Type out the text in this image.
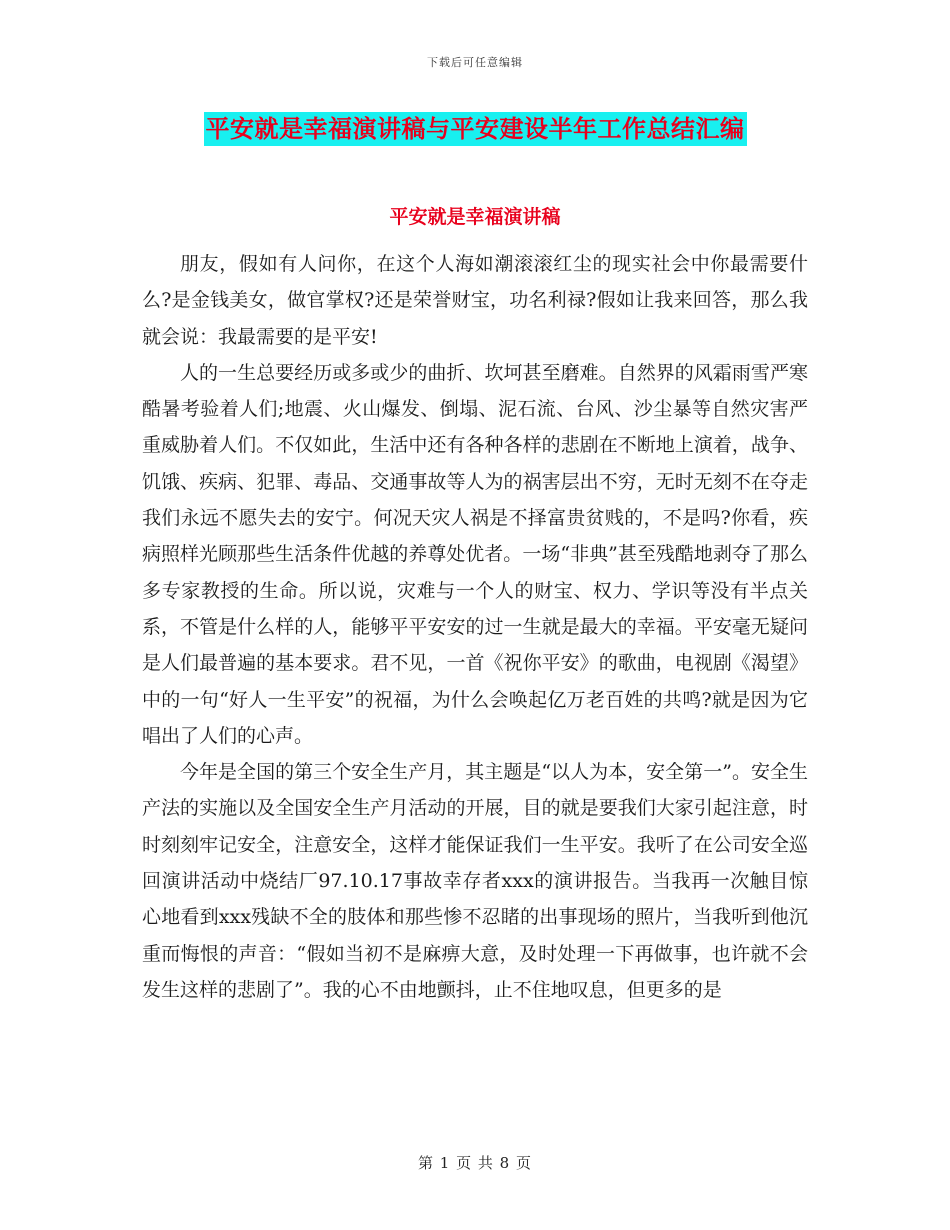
下载后可任意编辑
平安就是幸福演讲稿与平安建设半年工作总结汇编
平安就是幸福演讲稿

朋友，假如有人问你，在这个人海如潮滚滚红尘的现实社会中你最需要什么?是金钱美女，做官掌权?还是荣誉财宝，功名利禄?假如让我来回答，那么我就会说：我最需要的是平安!

人的一生总要经历或多或少的曲折、坎坷甚至磨难。自然界的风霜雨雪严寒酷暑考验着人们;地震、火山爆发、倒塌、泥石流、台风、沙尘暴等自然灾害严重威胁着人们。不仅如此，生活中还有各种各样的悲剧在不断地上演着，战争、饥饿、疾病、犯罪、毒品、交通事故等人为的祸害层出不穷，无时无刻不在夺走我们永远不愿失去的安宁。何况天灾人祸是不择富贵贫贱的，不是吗?你看，疾病照样光顾那些生活条件优越的养尊处优者。一场“非典”甚至残酷地剥夺了那么多专家教授的生命。所以说，灾难与一个人的财宝、权力、学识等没有半点关系，不管是什么样的人，能够平平安安的过一生就是最大的幸福。平安毫无疑问是人们最普遍的基本要求。君不见，一首《祝你平安》的歌曲，电视剧《渴望》中的一句“好人一生平安”的祝福，为什么会唤起亿万老百姓的共鸣?就是因为它唱出了人们的心声。

今年是全国的第三个安全生产月，其主题是“以人为本，安全第一”。安全生产法的实施以及全国安全生产月活动的开展，目的就是要我们大家引起注意，时时刻刻牢记安全，注意安全，这样才能保证我们一生平安。我听了在公司安全巡回演讲活动中烧结厂97.10.17事故幸存者xxx的演讲报告。当我再一次触目惊心地看到xxx残缺不全的肢体和那些惨不忍睹的出事现场的照片，当我听到他沉重而悔恨的声音：“假如当初不是麻痹大意，及时处理一下再做事，也许就不会发生这样的悲剧了”。我的心不由地颤抖，止不住地叹息，但更多的是

第 1 页 共 8 页
